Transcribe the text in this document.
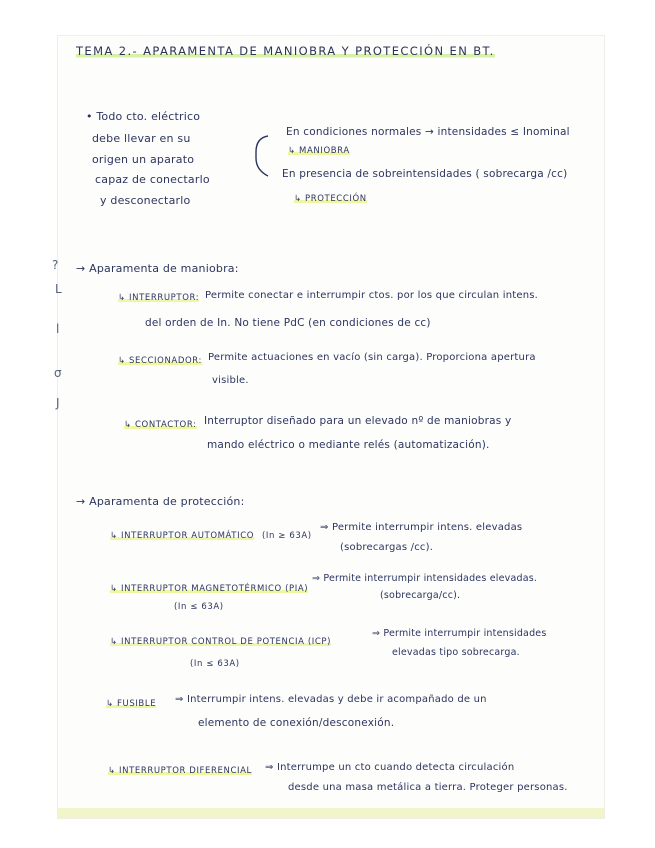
?
L
l
σ
J
TEMA 2.- APARAMENTA DE MANIOBRA Y PROTECCIÓN EN BT.
• Todo cto. eléctrico
debe llevar en su
origen un aparato
capaz de conectarlo
y desconectarlo
En condiciones normales → intensidades ≤ Inominal
↳ MANIOBRA
En presencia de sobreintensidades ( sobrecarga /cc)
↳ PROTECCIÓN
→ Aparamenta de maniobra:
↳ INTERRUPTOR: Permite conectar e interrumpir ctos. por los que circulan intens.
del orden de In. No tiene PdC (en condiciones de cc)
↳ SECCIONADOR: Permite actuaciones en vacío (sin carga). Proporciona apertura
visible.
↳ CONTACTOR: Interruptor diseñado para un elevado nº de maniobras y
mando eléctrico o mediante relés (automatización).
→ Aparamenta de protección:
↳ INTERRUPTOR AUTOMÁTICO (In ≥ 63A)
⇒ Permite interrumpir intens. elevadas
(sobrecargas /cc).
↳ INTERRUPTOR MAGNETOTÉRMICO (PIA)
(In ≤ 63A)
⇒ Permite interrumpir intensidades elevadas.
(sobrecarga/cc).
↳ INTERRUPTOR CONTROL DE POTENCIA (ICP)
(In ≤ 63A)
⇒ Permite interrumpir intensidades
elevadas tipo sobrecarga.
↳ FUSIBLE ⇒ Interrumpir intens. elevadas y debe ir acompañado de un
elemento de conexión/desconexión.
↳ INTERRUPTOR DIFERENCIAL ⇒ Interrumpe un cto cuando detecta circulación
desde una masa metálica a tierra. Proteger personas.
